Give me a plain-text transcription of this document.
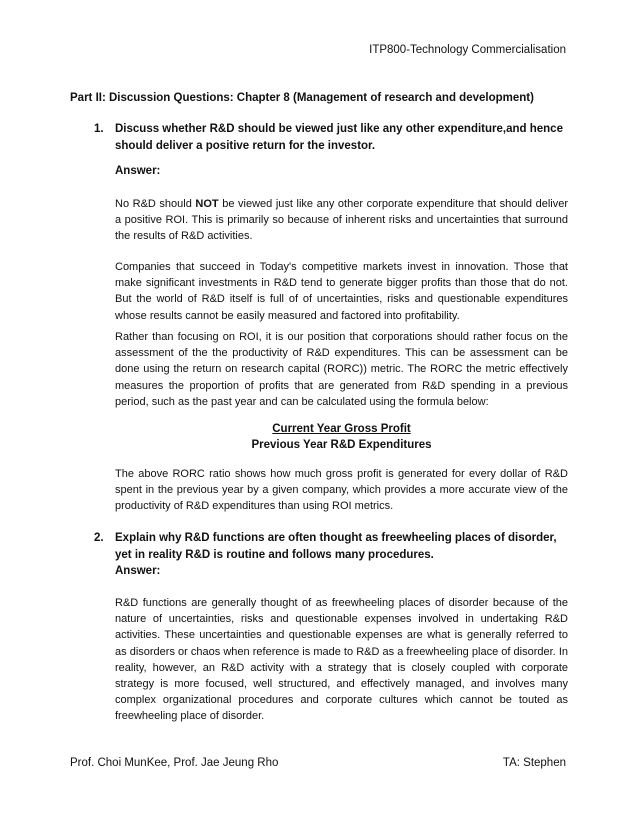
ITP800-Technology Commercialisation
Part II: Discussion Questions: Chapter 8 (Management of research and development)
1. Discuss whether R&D should be viewed just like any other expenditure,and hence should deliver a positive return for the investor.
Answer:
No R&D should NOT be viewed just like any other corporate expenditure that should deliver a positive ROI. This is primarily so because of inherent risks and uncertainties that surround the results of R&D activities.
Companies that succeed in Today's competitive markets invest in innovation. Those that make significant investments in R&D tend to generate bigger profits than those that do not. But the world of R&D itself is full of of uncertainties, risks and questionable expenditures whose results cannot be easily measured and factored into profitability.
Rather than focusing on ROI, it is our position that corporations should rather focus on the assessment of the the productivity of R&D expenditures. This can be assessment can be done using the return on research capital (RORC)) metric. The RORC the metric effectively measures the proportion of profits that are generated from R&D spending in a previous period, such as the past year and can be calculated using the formula below:
Current Year Gross Profit
Previous Year R&D Expenditures
The above RORC ratio shows how much gross profit is generated for every dollar of R&D spent in the previous year by a given company, which provides a more accurate view of the productivity of R&D expenditures than using ROI metrics.
2. Explain why R&D functions are often thought as freewheeling places of disorder, yet in reality R&D is routine and follows many procedures.
Answer:
R&D functions are generally thought of as freewheeling places of disorder because of the nature of uncertainties, risks and questionable expenses involved in undertaking R&D activities. These uncertainties and questionable expenses are what is generally referred to as disorders or chaos when reference is made to R&D as a freewheeling place of disorder. In reality, however, an R&D activity with a strategy that is closely coupled with corporate strategy is more focused, well structured, and effectively managed, and involves many complex organizational procedures and corporate cultures which cannot be touted as freewheeling place of disorder.
Prof. Choi MunKee, Prof. Jae Jeung Rho	TA: Stephen
